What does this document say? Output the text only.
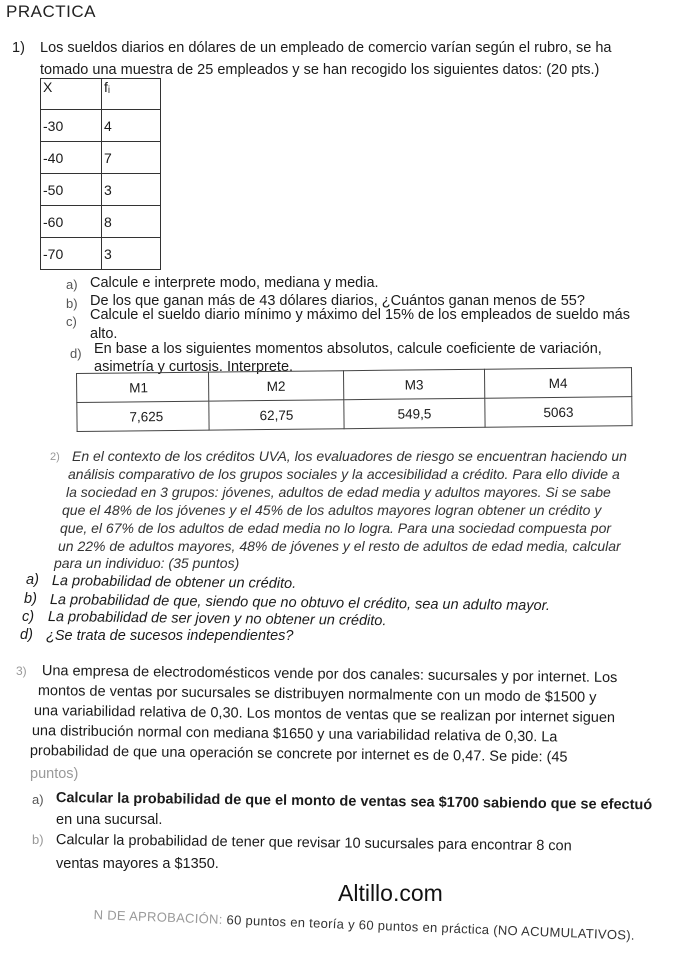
PRACTICA
1) Los sueldos diarios en dólares de un empleado de comercio varían según el rubro, se ha
tomado una muestra de 25 empleados y se han recogido los siguientes datos: (20 pts.)
X	fᵢ
-30	4
-40	7
-50	3
-60	8
-70	3
a) Calcule e interprete modo, mediana y media.
b) De los que ganan más de 43 dólares diarios, ¿Cuántos ganan menos de 55?
c) Calcule el sueldo diario mínimo y máximo del 15% de los empleados de sueldo más
alto.
d) En base a los siguientes momentos absolutos, calcule coeficiente de variación,
asimetría y curtosis. Interprete.
M1	M2	M3	M4
7,625	62,75	549,5	5063
2) En el contexto de los créditos UVA, los evaluadores de riesgo se encuentran haciendo un
análisis comparativo de los grupos sociales y la accesibilidad a crédito. Para ello divide a
la sociedad en 3 grupos: jóvenes, adultos de edad media y adultos mayores. Si se sabe
que el 48% de los jóvenes y el 45% de los adultos mayores logran obtener un crédito y
que, el 67% de los adultos de edad media no lo logra. Para una sociedad compuesta por
un 22% de adultos mayores, 48% de jóvenes y el resto de adultos de edad media, calcular
para un individuo: (35 puntos)
a) La probabilidad de obtener un crédito.
b) La probabilidad de que, siendo que no obtuvo el crédito, sea un adulto mayor.
c) La probabilidad de ser joven y no obtener un crédito.
d) ¿Se trata de sucesos independientes?
3) Una empresa de electrodomésticos vende por dos canales: sucursales y por internet. Los
montos de ventas por sucursales se distribuyen normalmente con un modo de $1500 y
una variabilidad relativa de 0,30. Los montos de ventas que se realizan por internet siguen
una distribución normal con mediana $1650 y una variabilidad relativa de 0,30. La
probabilidad de que una operación se concrete por internet es de 0,47. Se pide: (45
puntos)
a) Calcular la probabilidad de que el monto de ventas sea $1700 sabiendo que se efectuó
en una sucursal.
b) Calcular la probabilidad de tener que revisar 10 sucursales para encontrar 8 con
ventas mayores a $1350.
Altillo.com
N DE APROBACIÓN: 60 puntos en teoría y 60 puntos en práctica (NO ACUMULATIVOS).
